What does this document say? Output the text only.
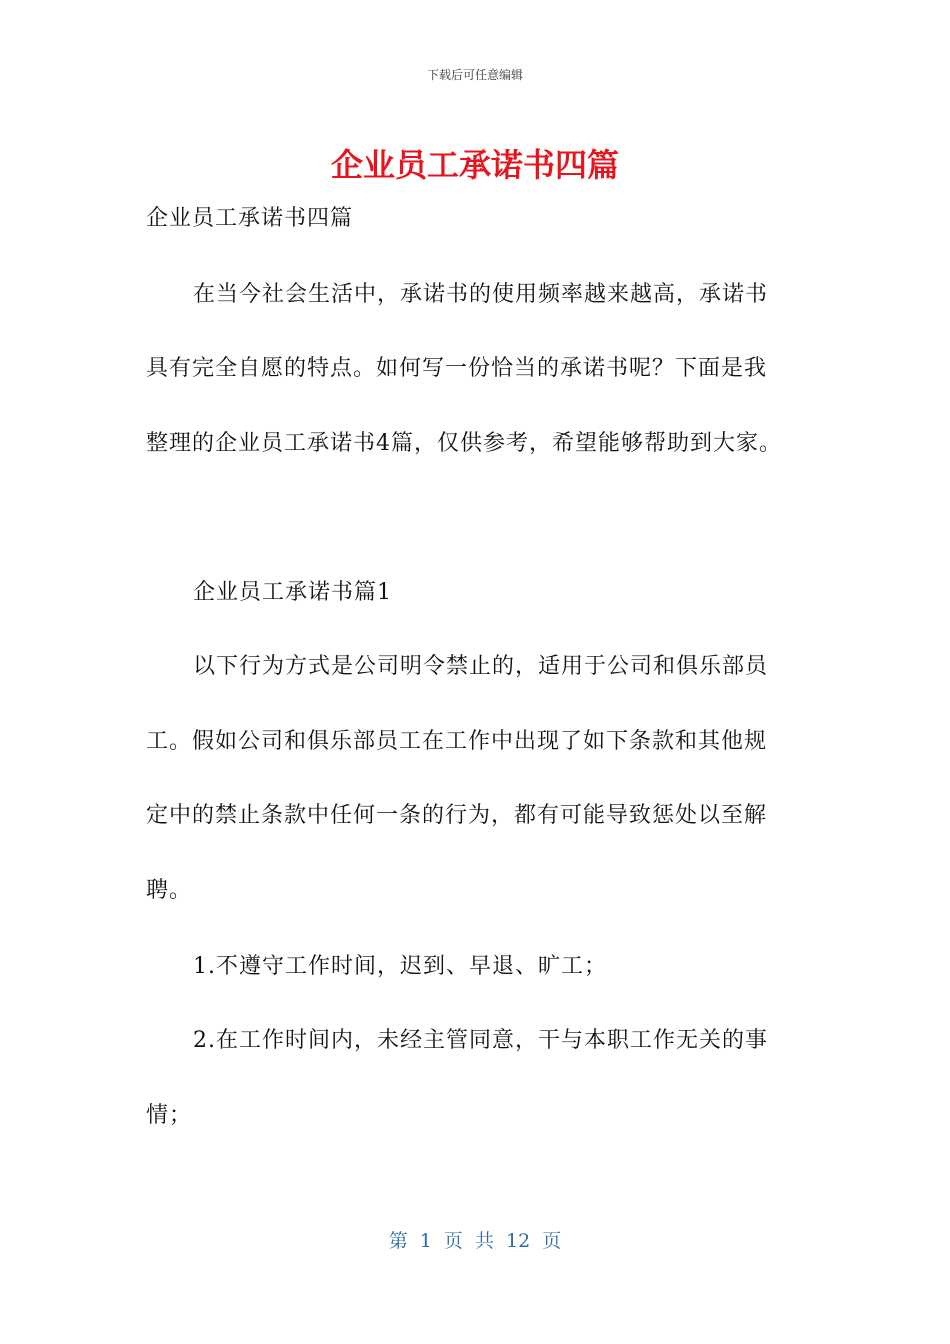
下载后可任意编辑
企业员工承诺书四篇
企业员工承诺书四篇
在当今社会生活中，承诺书的使用频率越来越高，承诺书
具有完全自愿的特点。如何写一份恰当的承诺书呢？下面是我
整理的企业员工承诺书4篇，仅供参考，希望能够帮助到大家。
企业员工承诺书篇1
以下行为方式是公司明令禁止的，适用于公司和俱乐部员
工。假如公司和俱乐部员工在工作中出现了如下条款和其他规
定中的禁止条款中任何一条的行为，都有可能导致惩处以至解
聘。
1.不遵守工作时间，迟到、早退、旷工；
2.在工作时间内，未经主管同意，干与本职工作无关的事
情；
第 1 页 共 12 页
